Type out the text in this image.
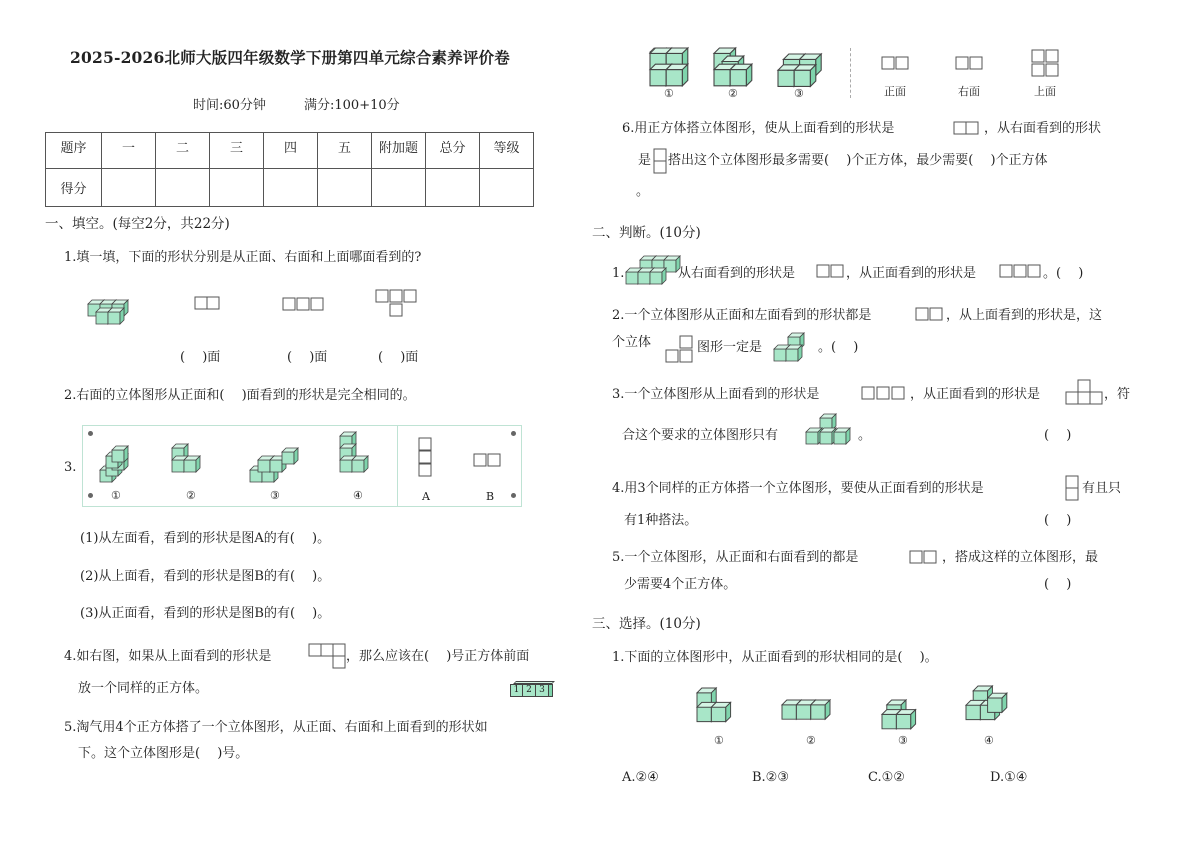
2025-2026北师大版四年级数学下册第四单元综合素养评价卷
时间:60分钟	满分:100+10分
题序	一	二	三	四	五	附加题	总分	等级
得分								
一、填空。(每空2分，共22分)
1.填一填，下面的形状分别是从正面、右面和上面哪面看到的?
(　 )面	(　 )面	(　 )面
2.右面的立体图形从正面和(　 )面看到的形状是完全相同的。
3.
①	②	③	④	A	B
(1)从左面看，看到的形状是图A的有(　 )。
(2)从上面看，看到的形状是图B的有(　 )。
(3)从正面看，看到的形状是图B的有(　 )。
4.如右图，如果从上面看到的形状是	，那么应该在(　 )号正方体前面
放一个同样的正方体。	1 2 3
5.淘气用4个正方体搭了一个立体图形，从正面、右面和上面看到的形状如
下。这个立体图形是(　 )号。
①	②	③	正面	右面	上面
6.用正方体搭立体图形，使从上面看到的形状是	，从右面看到的形状
是 搭出这个立体图形最多需要(　 )个正方体，最少需要(　 )个正方体
。
二、判断。(10分)
1.	从右面看到的形状是	，从正面看到的形状是	。(　 )
2.一个立体图形从正面和左面看到的形状都是	，从上面看到的形状是，这
个立体	图形一定是	。(　 )
3.一个立体图形从上面看到的形状是	，从正面看到的形状是	，符
合这个要求的立体图形只有	。	(　 )
4.用3个同样的正方体搭一个立体图形，要使从正面看到的形状是	有且只
有1种搭法。	(　 )
5.一个立体图形，从正面和右面看到的都是	，搭成这样的立体图形，最
少需要4个正方体。	(　 )
三、选择。(10分)
1.下面的立体图形中，从正面看到的形状相同的是(　 )。
①	②	③	④
A.②④	B.②③	C.①②	D.①④
